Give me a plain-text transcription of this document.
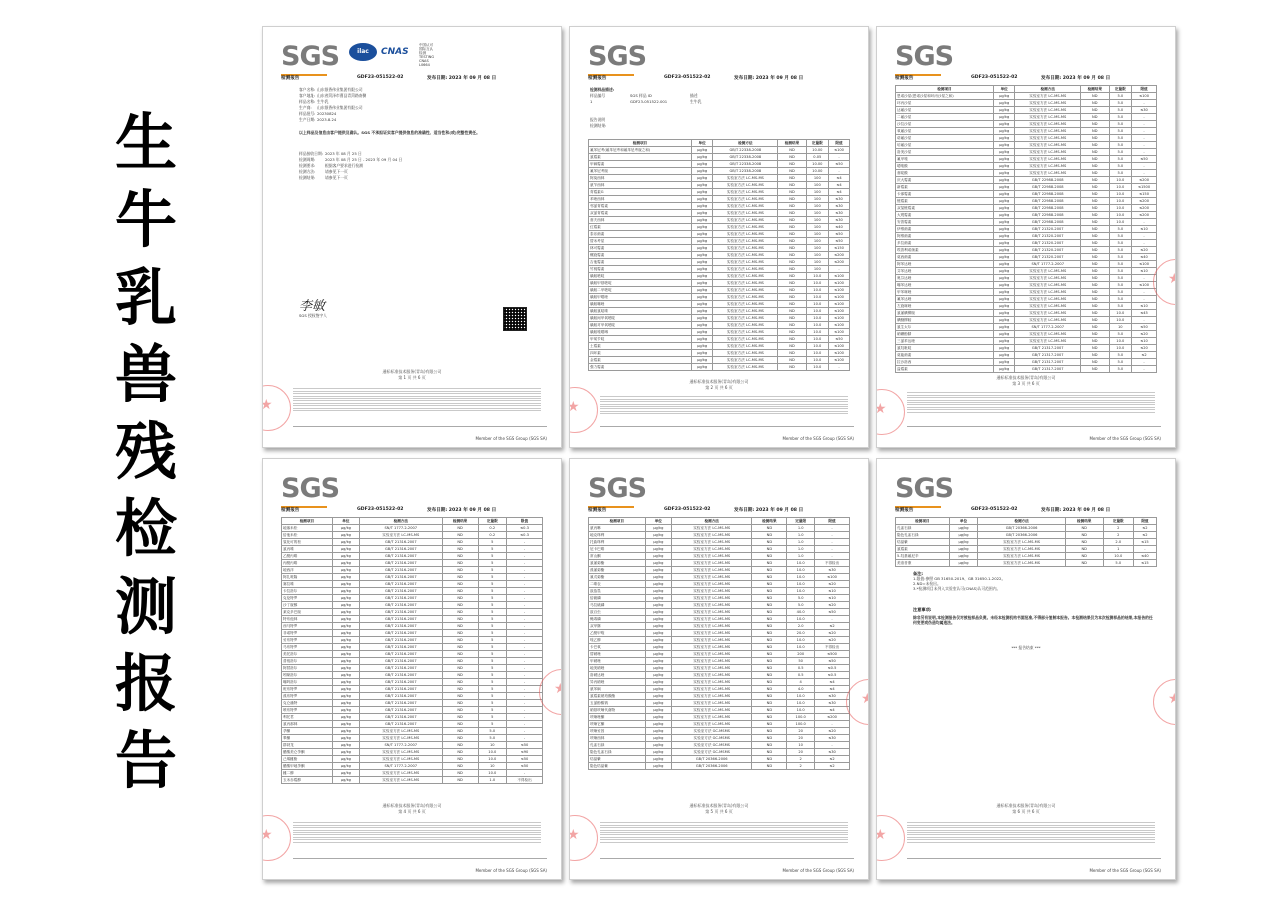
生
牛
乳
兽
残
检
测
报
告
SGS	ilac	CNAS
中国认可
国际互认
检测
TESTING
CNAS L0664
检测报告	GDF23-051522-02	发布日期: 2023 年 09 月 08 日
客户名称: 山东银香伟业集团有限公司
客户地址: 山东省菏泽市曹县青菏路南侧
样品名称: 生牛乳
生产商: 山东银香伟业集团有限公司
样品批号: 20230824
生产日期: 2023.8.24
以上样品及信息由客户提供及确认。SGS 不承担证实客户提供信息的准确性、适当性和(或)完整性责任。
样品接收日期: 2023 年 08 月 25 日
检测周期:	2023 年 08 月 25 日 - 2023 年 09 月 04 日
检测要求:	根据客户要求进行检测
检测方法:	请参见下一页
检测结果:	请参见下一页
李敏
SGS 授权签字人
通标标准技术服务(青岛)有限公司
第 1 页 共 6 页
★
Member of the SGS Group (SGS SA)
SGS
检测报告	GDF23-051522-02	发布日期: 2023 年 09 月 08 日
检测样品描述:
样品编号	SGS 样品 ID	描述
1	GDF23-051522.001	生牛乳
报告说明
检测结果:
检测项目	单位	检测方法	检测结果	定量限	限值
氟苯尼考(氟苯尼考和氟苯尼考胺之和)	μg/kg	GB/T 22338-2008	ND	10.00	≤100
氯霉素	μg/kg	GB/T 22338-2008	ND	0.05	-
甲砜霉素	μg/kg	GB/T 22338-2008	ND	10.00	≤50
氟苯尼考胺	μg/kg	GB/T 22338-2008	ND	10.00	-
阿莫西林	μg/kg	实验室方法 LC-MS-MS	ND	100	≤4
氨苄西林	μg/kg	实验室方法 LC-MS-MS	ND	100	≤4
青霉素G	μg/kg	实验室方法 LC-MS-MS	ND	100	≤4
苯唑西林	μg/kg	实验室方法 LC-MS-MS	ND	100	≤30
邻氯青霉素	μg/kg	实验室方法 LC-MS-MS	ND	100	≤30
双氯青霉素	μg/kg	实验室方法 LC-MS-MS	ND	100	≤30
萘夫西林	μg/kg	实验室方法 LC-MS-MS	ND	100	≤30
红霉素	μg/kg	实验室方法 LC-MS-MS	ND	100	≤40
泰乐菌素	μg/kg	实验室方法 LC-MS-MS	ND	100	≤50
替米考星	μg/kg	实验室方法 LC-MS-MS	ND	100	≤50
林可霉素	μg/kg	实验室方法 LC-MS-MS	ND	100	≤150
螺旋霉素	μg/kg	实验室方法 LC-MS-MS	ND	100	≤200
吉他霉素	μg/kg	实验室方法 LC-MS-MS	ND	100	≤200
竹桃霉素	μg/kg	实验室方法 LC-MS-MS	ND	100	-
磺胺嘧啶	μg/kg	实验室方法 LC-MS-MS	ND	10.0	≤100
磺胺甲基嘧啶	μg/kg	实验室方法 LC-MS-MS	ND	10.0	≤100
磺胺二甲嘧啶	μg/kg	实验室方法 LC-MS-MS	ND	10.0	≤100
磺胺甲噁唑	μg/kg	实验室方法 LC-MS-MS	ND	10.0	≤100
磺胺噻唑	μg/kg	实验室方法 LC-MS-MS	ND	10.0	≤100
磺胺氯哒嗪	μg/kg	实验室方法 LC-MS-MS	ND	10.0	≤100
磺胺间甲氧嘧啶	μg/kg	实验室方法 LC-MS-MS	ND	10.0	≤100
磺胺对甲氧嘧啶	μg/kg	实验室方法 LC-MS-MS	ND	10.0	≤100
磺胺喹噁啉	μg/kg	实验室方法 LC-MS-MS	ND	10.0	≤100
甲氧苄啶	μg/kg	实验室方法 LC-MS-MS	ND	10.0	≤50
土霉素	μg/kg	实验室方法 LC-MS-MS	ND	10.0	≤100
四环素	μg/kg	实验室方法 LC-MS-MS	ND	10.0	≤100
金霉素	μg/kg	实验室方法 LC-MS-MS	ND	10.0	≤100
强力霉素	μg/kg	实验室方法 LC-MS-MS	ND	10.0	-
通标标准技术服务(青岛)有限公司
第 2 页 共 6 页
★
Member of the SGS Group (SGS SA)
SGS
检测报告	GDF23-051522-02	发布日期: 2023 年 09 月 08 日
检测项目	单位	检测方法	检测结果	定量限	限值
恩诺沙星(恩诺沙星和环丙沙星之和)	μg/kg	实验室方法 LC-MS-MS	ND	5.0	≤100
环丙沙星	μg/kg	实验室方法 LC-MS-MS	ND	5.0	-
达氟沙星	μg/kg	实验室方法 LC-MS-MS	ND	5.0	≤30
二氟沙星	μg/kg	实验室方法 LC-MS-MS	ND	5.0	-
沙拉沙星	μg/kg	实验室方法 LC-MS-MS	ND	5.0	-
氧氟沙星	μg/kg	实验室方法 LC-MS-MS	ND	5.0	-
诺氟沙星	μg/kg	实验室方法 LC-MS-MS	ND	5.0	-
培氟沙星	μg/kg	实验室方法 LC-MS-MS	ND	5.0	-
洛美沙星	μg/kg	实验室方法 LC-MS-MS	ND	5.0	-
氟甲喹	μg/kg	实验室方法 LC-MS-MS	ND	5.0	≤50
噁喹酸	μg/kg	实验室方法 LC-MS-MS	ND	5.0	-
萘啶酸	μg/kg	实验室方法 LC-MS-MS	ND	5.0	-
庆大霉素	μg/kg	GB/T 22988-2008	ND	10.0	≤200
新霉素	μg/kg	GB/T 22988-2008	ND	10.0	≤1500
卡那霉素	μg/kg	GB/T 22988-2008	ND	10.0	≤150
链霉素	μg/kg	GB/T 22988-2008	ND	10.0	≤200
双氢链霉素	μg/kg	GB/T 22988-2008	ND	10.0	≤200
大观霉素	μg/kg	GB/T 22988-2008	ND	10.0	≤200
安普霉素	μg/kg	GB/T 22988-2008	ND	10.0	-
伊维菌素	μg/kg	GB/T 21320-2007	ND	5.0	≤10
阿维菌素	μg/kg	GB/T 21320-2007	ND	5.0	-
多拉菌素	μg/kg	GB/T 21320-2007	ND	5.0	-
埃普利诺菌素	μg/kg	GB/T 21320-2007	ND	5.0	≤20
莫西菌素	μg/kg	GB/T 21320-2007	ND	5.0	≤40
阿苯达唑	μg/kg	SN/T 1777.2-2007	ND	5.0	≤100
芬苯达唑	μg/kg	实验室方法 LC-MS-MS	ND	5.0	≤10
奥芬达唑	μg/kg	实验室方法 LC-MS-MS	ND	5.0	-
噻苯达唑	μg/kg	实验室方法 LC-MS-MS	ND	5.0	≤100
甲苯咪唑	μg/kg	实验室方法 LC-MS-MS	ND	5.0	-
氟苯达唑	μg/kg	实验室方法 LC-MS-MS	ND	5.0	-
左旋咪唑	μg/kg	实验室方法 LC-MS-MS	ND	5.0	≤10
氯氰碘柳胺	μg/kg	实验室方法 LC-MS-MS	ND	10.0	≤45
碘醚柳胺	μg/kg	实验室方法 LC-MS-MS	ND	10.0	-
氯生太尔	μg/kg	SN/T 1777.2-2007	ND	10	≤50
硝碘酚腈	μg/kg	实验室方法 LC-MS-MS	ND	5.0	≤20
三氯苯达唑	μg/kg	实验室方法 LC-MS-MS	ND	10.0	≤10
氯羟吡啶	μg/kg	GB/T 21317-2007	ND	10.0	≤20
莫能菌素	μg/kg	GB/T 21317-2007	ND	5.0	≤2
拉沙洛西	μg/kg	GB/T 21317-2007	ND	5.0	-
盐霉素	μg/kg	GB/T 21317-2007	ND	5.0	-
通标标准技术服务(青岛)有限公司
第 3 页 共 6 页
★
★
Member of the SGS Group (SGS SA)
SGS
检测报告	GDF23-051522-02	发布日期: 2023 年 09 月 08 日
检测项目	单位	检测方法	检测结果	定量限	限值
地塞米松	μg/kg	SN/T 1777.2-2007	ND	0.2	≤0.3
倍他米松	μg/kg	实验室方法 LC-MS-MS	ND	0.2	≤0.3
氢化可的松	μg/kg	GB/T 21316-2007	ND	5	-
氯丙嗪	μg/kg	GB/T 21316-2007	ND	5	-
乙酰丙嗪	μg/kg	GB/T 21316-2007	ND	5	-
丙酰丙嗪	μg/kg	GB/T 21316-2007	ND	5	-
地西泮	μg/kg	GB/T 21316-2007	ND	5	-
阿扎哌隆	μg/kg	GB/T 21316-2007	ND	5	-
赛拉嗪	μg/kg	GB/T 21316-2007	ND	5	-
卡拉洛尔	μg/kg	GB/T 21316-2007	ND	5	-
克伦特罗	μg/kg	GB/T 21316-2007	ND	5	-
沙丁胺醇	μg/kg	GB/T 21316-2007	ND	5	-
莱克多巴胺	μg/kg	GB/T 21316-2007	ND	5	-
特布他林	μg/kg	GB/T 21316-2007	ND	5	-
西马特罗	μg/kg	GB/T 21316-2007	ND	5	-
非诺特罗	μg/kg	GB/T 21316-2007	ND	5	-
妥布特罗	μg/kg	GB/T 21316-2007	ND	5	-
马布特罗	μg/kg	GB/T 21316-2007	ND	5	-
美托洛尔	μg/kg	GB/T 21316-2007	ND	5	-
普萘洛尔	μg/kg	GB/T 21316-2007	ND	5	-
阿替洛尔	μg/kg	GB/T 21316-2007	ND	5	-
吲哚洛尔	μg/kg	GB/T 21316-2007	ND	5	-
噻吗洛尔	μg/kg	GB/T 21316-2007	ND	5	-
班布特罗	μg/kg	GB/T 21316-2007	ND	5	-
溴布特罗	μg/kg	GB/T 21316-2007	ND	5	-
克仑潘特	μg/kg	GB/T 21316-2007	ND	5	-
喷布特罗	μg/kg	GB/T 21316-2007	ND	5	-
利托君	μg/kg	GB/T 21316-2007	ND	5	-
氯丙那林	μg/kg	GB/T 21316-2007	ND	5	-
孕酮	μg/kg	实验室方法 LC-MS-MS	ND	5.0	-
睾酮	μg/kg	实验室方法 LC-MS-MS	ND	5.0	-
群勃龙	μg/kg	SN/T 1777.2-2007	ND	10	≤50
醋酸美仑孕酮	μg/kg	实验室方法 LC-MS-MS	ND	10.0	≤90
己烯雌酚	μg/kg	实验室方法 LC-MS-MS	ND	10.0	≤50
醋酸甲地孕酮	μg/kg	SN/T 1777.2-2007	ND	10	≤50
雌二醇	μg/kg	实验室方法 LC-MS-MS	ND	10.0	-
玉米赤霉醇	μg/kg	实验室方法 LC-MS-MS	ND	1.0	不得检出
通标标准技术服务(青岛)有限公司
第 4 页 共 6 页
★
★
Member of the SGS Group (SGS SA)
SGS
检测报告	GDF23-051522-02	发布日期: 2023 年 09 月 08 日
检测项目	单位	检测方法	检测结果	定量限	限值
氨丙啉	μg/kg	实验室方法 LC-MS-MS	ND	1.0	-
地克珠利	μg/kg	实验室方法 LC-MS-MS	ND	1.0	-
托曲珠利	μg/kg	实验室方法 LC-MS-MS	ND	1.0	-
尼卡巴嗪	μg/kg	实验室方法 LC-MS-MS	ND	1.0	-
常山酮	μg/kg	实验室方法 LC-MS-MS	ND	1.0	-
氯氰菊酯	μg/kg	实验室方法 LC-MS-MS	ND	10.0	不得检出
溴氰菊酯	μg/kg	实验室方法 LC-MS-MS	ND	10.0	≤30
氰戊菊酯	μg/kg	实验室方法 LC-MS-MS	ND	10.0	≤100
二嗪农	μg/kg	实验室方法 LC-MS-MS	ND	10.0	≤20
敌敌畏	μg/kg	实验室方法 LC-MS-MS	ND	10.0	≤10
倍硫磷	μg/kg	实验室方法 LC-MS-MS	ND	5.0	≤10
马拉硫磷	μg/kg	实验室方法 LC-MS-MS	ND	5.0	≤20
敌百虫	μg/kg	实验室方法 LC-MS-MS	ND	40.0	≤50
蝇毒磷	μg/kg	实验室方法 LC-MS-MS	ND	10.0	-
双甲脒	μg/kg	实验室方法 LC-MS-MS	ND	2.0	≤2
乙酰甲喹	μg/kg	实验室方法 LC-MS-MS	ND	20.0	≤20
喹乙醇	μg/kg	实验室方法 LC-MS-MS	ND	10.0	≤20
卡巴氧	μg/kg	实验室方法 LC-MS-MS	ND	10.0	不得检出
替硝唑	μg/kg	实验室方法 LC-MS-MS	ND	200	≤500
甲硝唑	μg/kg	实验室方法 LC-MS-MS	ND	50	≤50
地美硝唑	μg/kg	实验室方法 LC-MS-MS	ND	0.5	≤0.5
洛硝达唑	μg/kg	实验室方法 LC-MS-MS	ND	0.5	≤0.5
异丙硝唑	μg/kg	实验室方法 LC-MS-MS	ND	4	≤4
氨苯砜	μg/kg	实验室方法 LC-MS-MS	ND	4.0	≤4
氯霉素琥珀酸酯	μg/kg	实验室方法 LC-MS-MS	ND	10.0	≤30
五氯酚酸钠	μg/kg	实验室方法 LC-MS-MS	ND	10.0	≤30
硝基呋喃代谢物	μg/kg	实验室方法 LC-MS-MS	ND	10.0	≤4
呋喃唑酮	μg/kg	实验室方法 LC-MS-MS	ND	100.0	≤200
呋喃它酮	μg/kg	实验室方法 LC-MS-MS	ND	100.0	-
呋喃妥因	μg/kg	实验室方法 GC-MSMS	ND	20	≤20
呋喃西林	μg/kg	实验室方法 GC-MSMS	ND	20	≤30
孔雀石绿	μg/kg	实验室方法 GC-MSMS	ND	10	-
隐色孔雀石绿	μg/kg	实验室方法 GC-MSMS	ND	20	≤30
结晶紫	μg/kg	GB/T 20366-2006	ND	2	≤2
隐色结晶紫	μg/kg	GB/T 20366-2006	ND	2	≤2
通标标准技术服务(青岛)有限公司
第 5 页 共 6 页
★
★
Member of the SGS Group (SGS SA)
SGS
检测报告	GDF23-051522-02	发布日期: 2023 年 09 月 08 日
检测项目	单位	检测方法	检测结果	定量限	限值
孔雀石绿	μg/kg	GB/T 20366-2006	ND	2	≤2
隐色孔雀石绿	μg/kg	GB/T 20366-2006	ND	2	≤2
结晶紫	μg/kg	实验室方法 LC-MS-MS	ND	2.0	≤15
氯霉素	μg/kg	实验室方法 LC-MS-MS	ND	1	-
5-羟基氟尼辛	μg/kg	实验室方法 LC-MS-MS	ND	10.0	≤40
美洛昔康	μg/kg	实验室方法 LC-MS-MS	ND	5.0	≤15
备注:
1.限值:参照 GB 31650-2019、GB 31650.1-2022。
2.ND=未检出。
3.*检测项目未列入实验室认可(CNAS)认可范围内。
注意事项:
除非另有说明,本检测报告仅对被检样品负责。未经本检测机构书面批准,不得部分复制本报告。本检测结果仅为本次检测样品的结果,本报告的任何变更或伪造均属违法。
*** 报告结束 ***
通标标准技术服务(青岛)有限公司
第 6 页 共 6 页
★
★
Member of the SGS Group (SGS SA)
